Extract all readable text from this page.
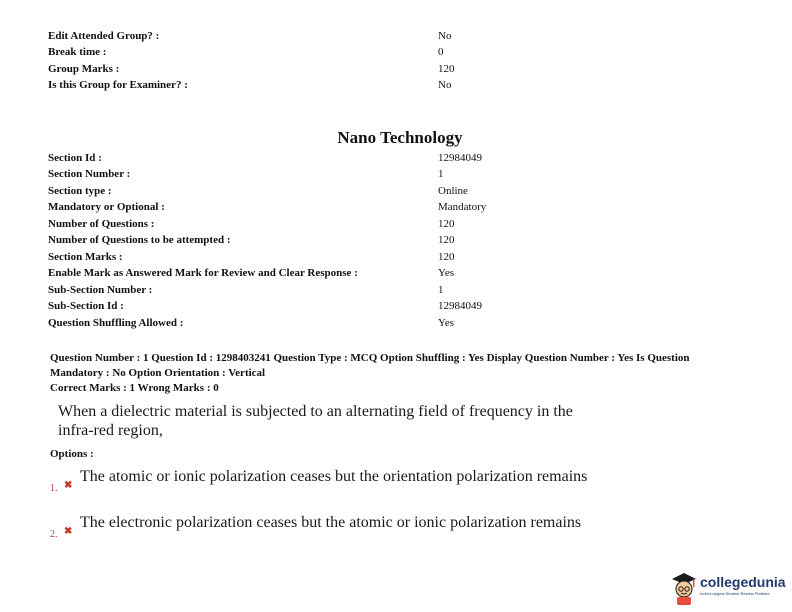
Edit Attended Group? :	No
Break time :	0
Group Marks :	120
Is this Group for Examiner? :	No
Nano Technology
Section Id :	12984049
Section Number :	1
Section type :	Online
Mandatory or Optional :	Mandatory
Number of Questions :	120
Number of Questions to be attempted :	120
Section Marks :	120
Enable Mark as Answered Mark for Review and Clear Response :	Yes
Sub-Section Number :	1
Sub-Section Id :	12984049
Question Shuffling Allowed :	Yes
Question Number : 1 Question Id : 1298403241 Question Type : MCQ Option Shuffling : Yes Display Question Number : Yes Is Question
Mandatory : No Option Orientation : Vertical
Correct Marks : 1 Wrong Marks : 0
When a dielectric material is subjected to an alternating field of frequency in the
infra-red region,
Options :
✖
1.
The atomic or ionic polarization ceases but the orientation polarization remains
✖
2.
The electronic polarization ceases but the atomic or ionic polarization remains
collegedunia
India's largest Student Review Platform
